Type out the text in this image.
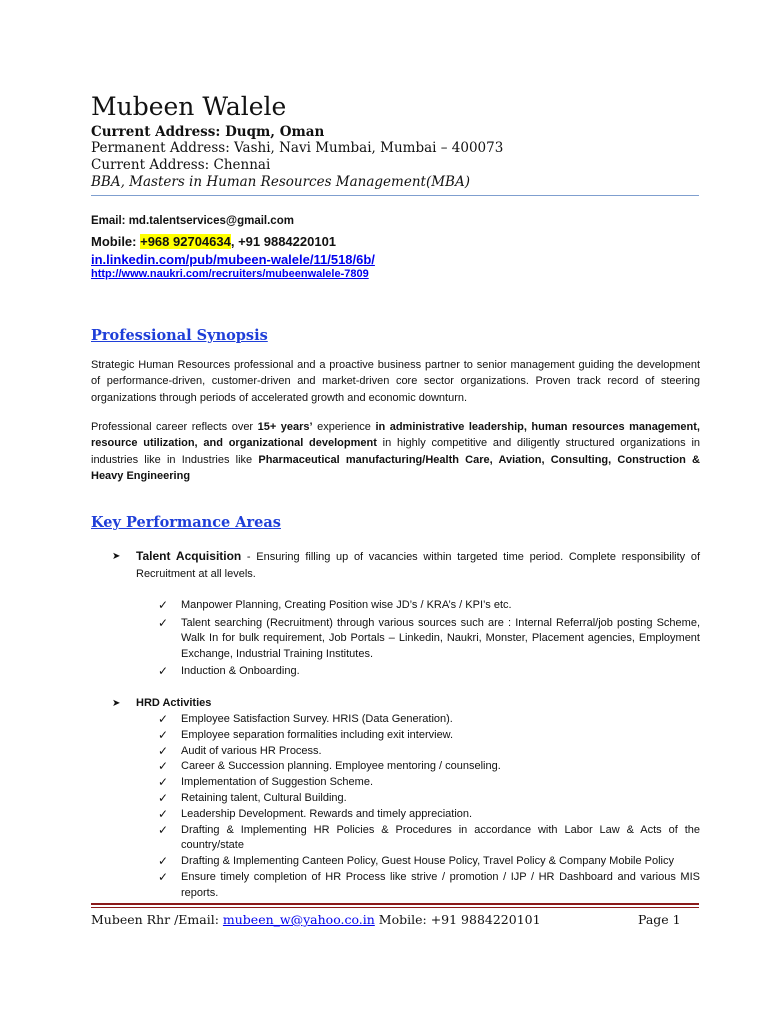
Mubeen Walele
Current Address: Duqm, Oman
Permanent Address: Vashi, Navi Mumbai, Mumbai – 400073
Current Address: Chennai
BBA, Masters in Human Resources Management(MBA)
Email: md.talentservices@gmail.com
Mobile: +968 92704634, +91 9884220101
in.linkedin.com/pub/mubeen-walele/11/518/6b/
http://www.naukri.com/recruiters/mubeenwalele-7809
Professional Synopsis
Strategic Human Resources professional and a proactive business partner to senior management guiding the development of performance-driven, customer-driven and market-driven core sector organizations. Proven track record of steering organizations through periods of accelerated growth and economic downturn.
Professional career reflects over 15+ years’ experience in administrative leadership, human resources management, resource utilization, and organizational development in highly competitive and diligently structured organizations in industries like in Industries like Pharmaceutical manufacturing/Health Care, Aviation, Consulting, Construction & Heavy Engineering
Key Performance Areas
➤ Talent Acquisition - Ensuring filling up of vacancies within targeted time period. Complete responsibility of Recruitment at all levels.
✓ Manpower Planning, Creating Position wise JD’s / KRA’s / KPI’s etc.
✓ Talent searching (Recruitment) through various sources such are : Internal Referral/job posting Scheme, Walk In for bulk requirement, Job Portals – Linkedin, Naukri, Monster, Placement agencies, Employment Exchange, Industrial Training Institutes.
✓ Induction & Onboarding.
➤ HRD Activities
✓ Employee Satisfaction Survey. HRIS (Data Generation).
✓ Employee separation formalities including exit interview.
✓ Audit of various HR Process.
✓ Career & Succession planning. Employee mentoring / counseling.
✓ Implementation of Suggestion Scheme.
✓ Retaining talent, Cultural Building.
✓ Leadership Development. Rewards and timely appreciation.
✓ Drafting & Implementing HR Policies & Procedures in accordance with Labor Law & Acts of the country/state
✓ Drafting & Implementing Canteen Policy, Guest House Policy, Travel Policy & Company Mobile Policy
✓ Ensure timely completion of HR Process like strive / promotion / IJP / HR Dashboard and various MIS reports.
Mubeen Rhr /Email: mubeen_w@yahoo.co.in Mobile: +91 9884220101	Page 1
